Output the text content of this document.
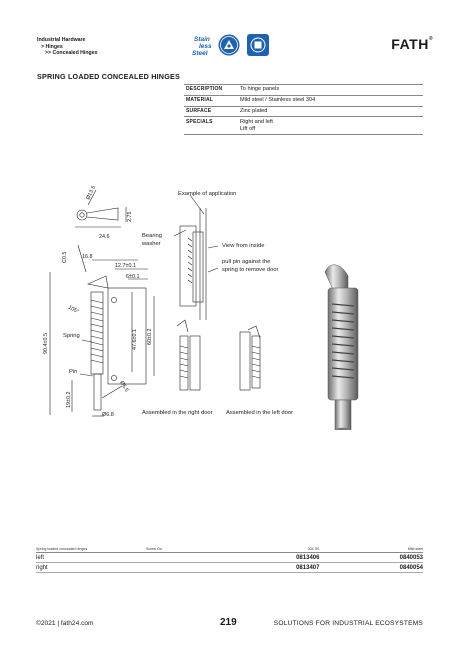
Industrial Hardware
> Hinges
>> Concealed Hinges
Stain
less
Steel
FATH®
SPRING LOADED CONCEALED HINGES
DESCRIPTION	To hinge panels
MATERIAL	Mild steel / Stainless steel 304
SURFACE	Zinc plated
SPECIALS	Right and left
Lift off
Ø13.5
2.75
24.6
C0.5	16.8
12.7±0.1
6±0.1
105°
90.4±0.5	47.6±0.1 60±0.2
19±0.2
Ø6.5
Ø6.8
Spring
Pin
Example of application
Bearing
washer	View from inside
pull pin against the
spring to remove door
Assembled in the right door Assembled in the left door
Spring loaded concealed hinges	Screw On	304 SS	Mild steel
left		0813406	0840053
right		0813407	0840054
©2021 | fath24.com	219	SOLUTIONS FOR INDUSTRIAL ECOSYSTEMS
